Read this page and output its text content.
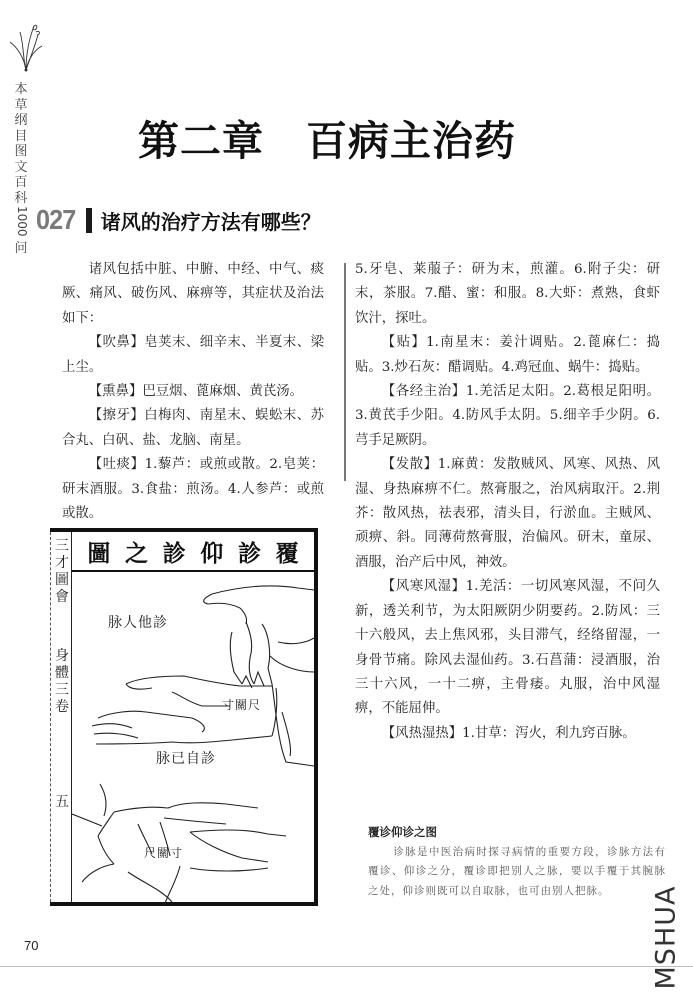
本草纲目图文百科
1000
问
第二章　百病主治药
027 诸风的治疗方法有哪些？

诸风包括中脏、中腑、中经、中气、痰厥、痛风、破伤风、麻痹等，其症状及治法如下：

【吹鼻】皂荚末、细辛末、半夏末、梁上尘。

【熏鼻】巴豆烟、蓖麻烟、黄芪汤。

【擦牙】白梅肉、南星末、蜈蚣末、苏合丸、白矾、盐、龙脑、南星。

【吐痰】1.藜芦：或煎或散。2.皂荚：研末酒服。3.食盐：煎汤。4.人参芦：或煎或散。

5.牙皂、莱菔子：研为末，煎灌。6.附子尖：研末，茶服。7.醋、蜜：和服。8.大虾：煮熟，食虾饮汁，探吐。

【贴】1.南星末：姜汁调贴。2.蓖麻仁：捣贴。3.炒石灰：醋调贴。4.鸡冠血、蜗牛：捣贴。

【各经主治】1.羌活足太阳。2.葛根足阳明。3.黄芪手少阳。4.防风手太阴。5.细辛手少阴。6.芎手足厥阴。

【发散】1.麻黄：发散贼风、风寒、风热、风湿、身热麻痹不仁。熬膏服之，治风病取汗。2.荆芥：散风热，祛表邪，清头目，行淤血。主贼风、顽痹、斜。同薄荷熬膏服，治偏风。研末，童尿、酒服，治产后中风，神效。

【风寒风湿】1.羌活：一切风寒风湿，不问久新，透关利节，为太阳厥阴少阴要药。2.防风：三十六般风，去上焦风邪，头目滞气，经络留湿，一身骨节痛。除风去湿仙药。3.石菖蒲：浸酒服，治三十六风，一十二痹，主骨痿。丸服，治中风湿痹，不能屈伸。

【风热湿热】1.甘草：泻火，利九窍百脉。

三才圖會
身體三卷
五
圖 之 診 仰 診 覆
脉人他診
寸關尺
脉已自診
尺關寸
覆诊仰诊之图
诊脉是中医治病时探寻病情的重要方段，诊脉方法有覆诊、仰诊之分，覆诊即把别人之脉，要以手覆于其腕脉之处，仰诊则既可以自取脉，也可由别人把脉。
70	MSHUA
